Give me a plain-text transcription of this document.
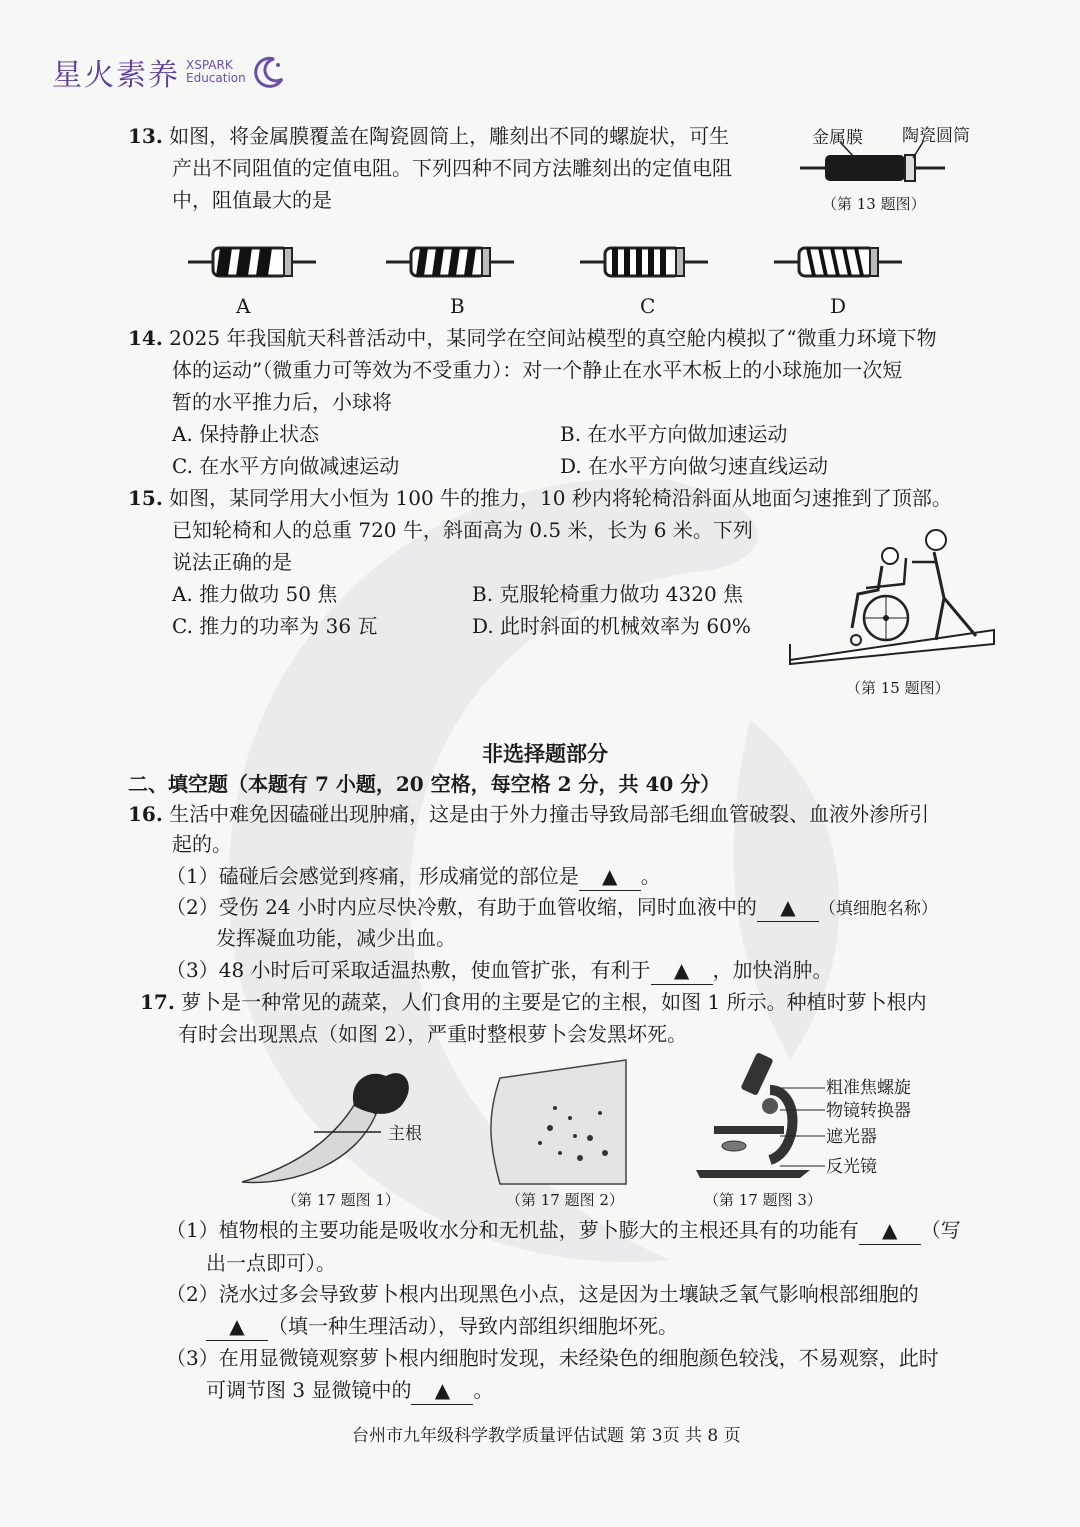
星火素养 XSPARK
Education
13. 如图，将金属膜覆盖在陶瓷圆筒上，雕刻出不同的螺旋状，可生
产出不同阻值的定值电阻。下列四种不同方法雕刻出的定值电阻
中，阻值最大的是
金属膜 陶瓷圆筒
（第 13 题图）
A	B	C	D
14. 2025 年我国航天科普活动中，某同学在空间站模型的真空舱内模拟了“微重力环境下物
体的运动”（微重力可等效为不受重力）：对一个静止在水平木板上的小球施加一次短
暂的水平推力后，小球将
A. 保持静止状态	B. 在水平方向做加速运动
C. 在水平方向做减速运动	D. 在水平方向做匀速直线运动
15. 如图，某同学用大小恒为 100 牛的推力，10 秒内将轮椅沿斜面从地面匀速推到了顶部。
已知轮椅和人的总重 720 牛，斜面高为 0.5 米，长为 6 米。下列
说法正确的是
A. 推力做功 50 焦	B. 克服轮椅重力做功 4320 焦
C. 推力的功率为 36 瓦	D. 此时斜面的机械效率为 60%
（第 15 题图）
非选择题部分
二、填空题（本题有 7 小题，20 空格，每空格 2 分，共 40 分）
16. 生活中难免因磕碰出现肿痛，这是由于外力撞击导致局部毛细血管破裂、血液外渗所引
起的。
（1）磕碰后会感觉到疼痛，形成痛觉的部位是 ▲ 。
（2）受伤 24 小时内应尽快冷敷，有助于血管收缩，同时血液中的 ▲ （填细胞名称）
发挥凝血功能，减少出血。
（3）48 小时后可采取适温热敷，使血管扩张，有利于 ▲ ，加快消肿。
17. 萝卜是一种常见的蔬菜，人们食用的主要是它的主根，如图 1 所示。种植时萝卜根内
有时会出现黑点（如图 2），严重时整根萝卜会发黑坏死。
主根
（第 17 题图 1）	（第 17 题图 2）
粗准焦螺旋
物镜转换器
遮光器
反光镜
（第 17 题图 3）
（1）植物根的主要功能是吸收水分和无机盐，萝卜膨大的主根还具有的功能有 ▲ （写
出一点即可）。
（2）浇水过多会导致萝卜根内出现黑色小点，这是因为土壤缺乏氧气影响根部细胞的
▲ （填一种生理活动），导致内部组织细胞坏死。
（3）在用显微镜观察萝卜根内细胞时发现，未经染色的细胞颜色较浅，不易观察，此时
可调节图 3 显微镜中的 ▲ 。
台州市九年级科学教学质量评估试题 第 3页 共 8 页
